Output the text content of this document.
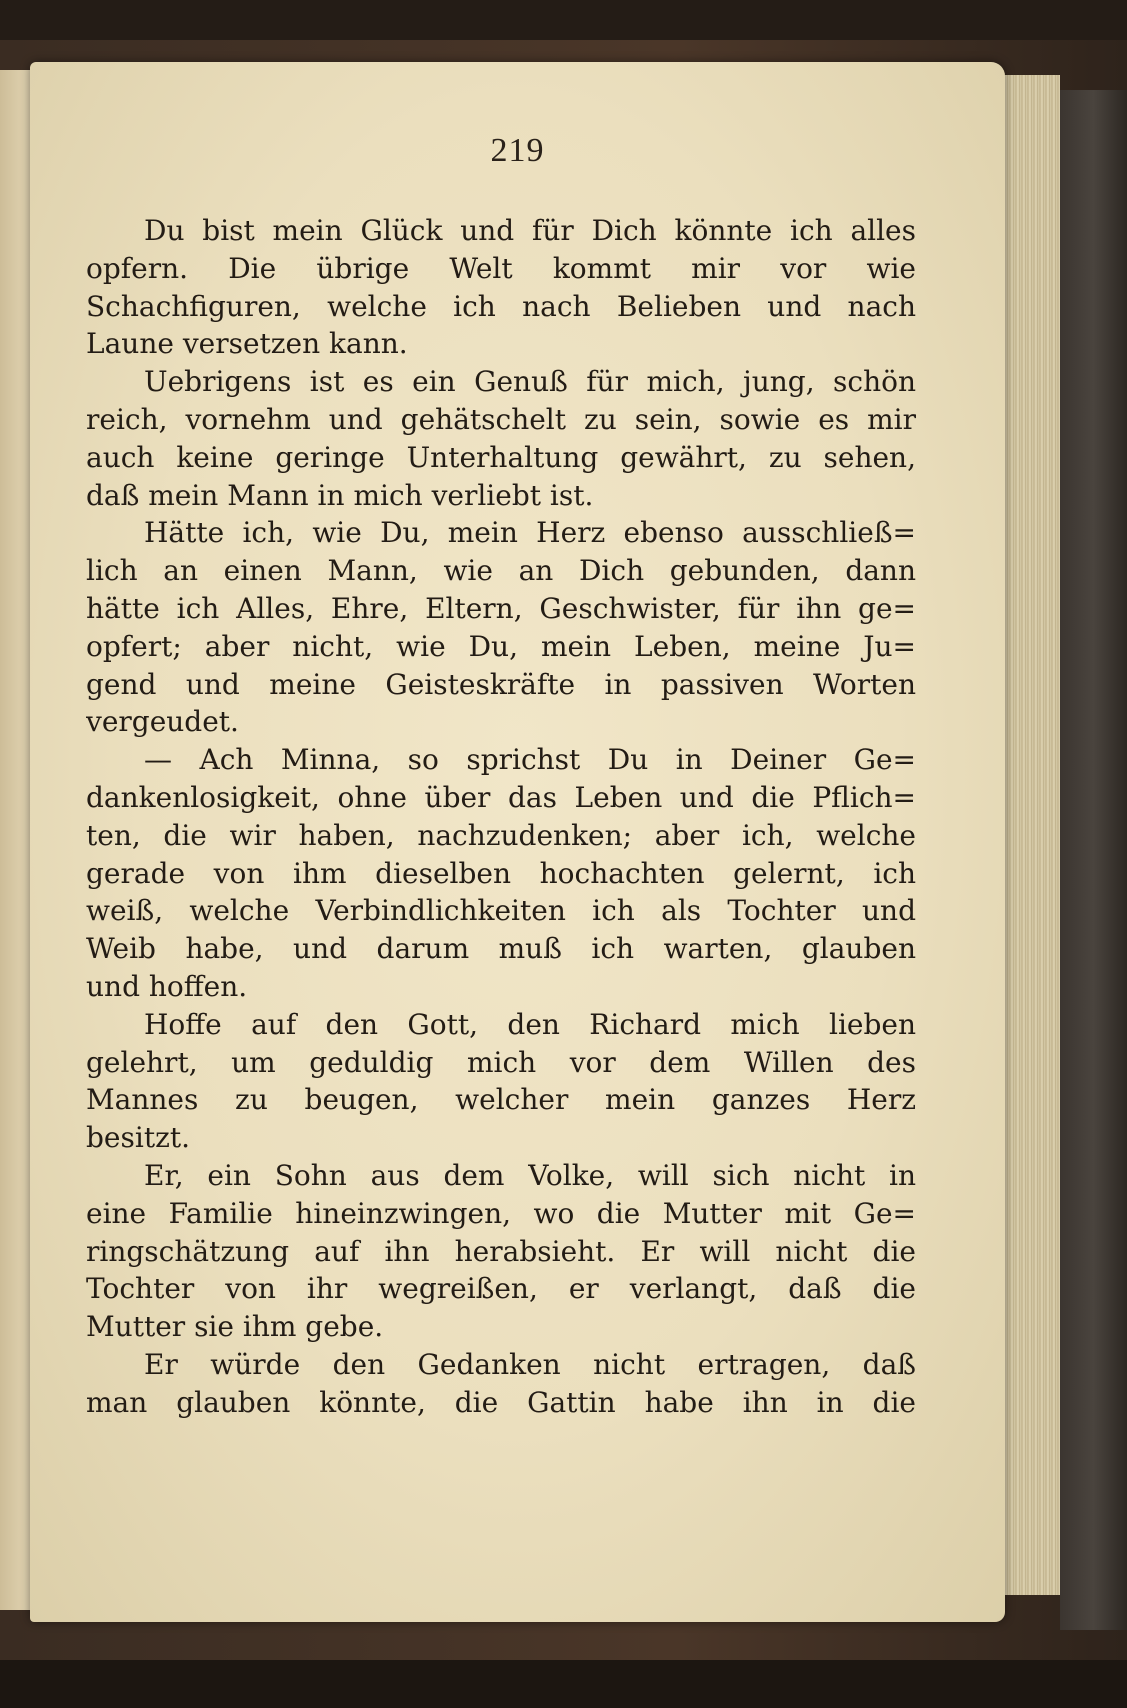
219
Du bist mein Glück und für Dich könnte ich alles
opfern. Die übrige Welt kommt mir vor wie
Schachfiguren, welche ich nach Belieben und nach
Laune versetzen kann.
Uebrigens ist es ein Genuß für mich, jung, schön
reich, vornehm und gehätschelt zu sein, sowie es mir
auch keine geringe Unterhaltung gewährt, zu sehen,
daß mein Mann in mich verliebt ist.
Hätte ich, wie Du, mein Herz ebenso ausschließ=
lich an einen Mann, wie an Dich gebunden, dann
hätte ich Alles, Ehre, Eltern, Geschwister, für ihn ge=
opfert; aber nicht, wie Du, mein Leben, meine Ju=
gend und meine Geisteskräfte in passiven Worten
vergeudet.
— Ach Minna, so sprichst Du in Deiner Ge=
dankenlosigkeit, ohne über das Leben und die Pflich=
ten, die wir haben, nachzudenken; aber ich, welche
gerade von ihm dieselben hochachten gelernt, ich
weiß, welche Verbindlichkeiten ich als Tochter und
Weib habe, und darum muß ich warten, glauben
und hoffen.
Hoffe auf den Gott, den Richard mich lieben
gelehrt, um geduldig mich vor dem Willen des
Mannes zu beugen, welcher mein ganzes Herz
besitzt.
Er, ein Sohn aus dem Volke, will sich nicht in
eine Familie hineinzwingen, wo die Mutter mit Ge=
ringschätzung auf ihn herabsieht. Er will nicht die
Tochter von ihr wegreißen, er verlangt, daß die
Mutter sie ihm gebe.
Er würde den Gedanken nicht ertragen, daß
man glauben könnte, die Gattin habe ihn in die
